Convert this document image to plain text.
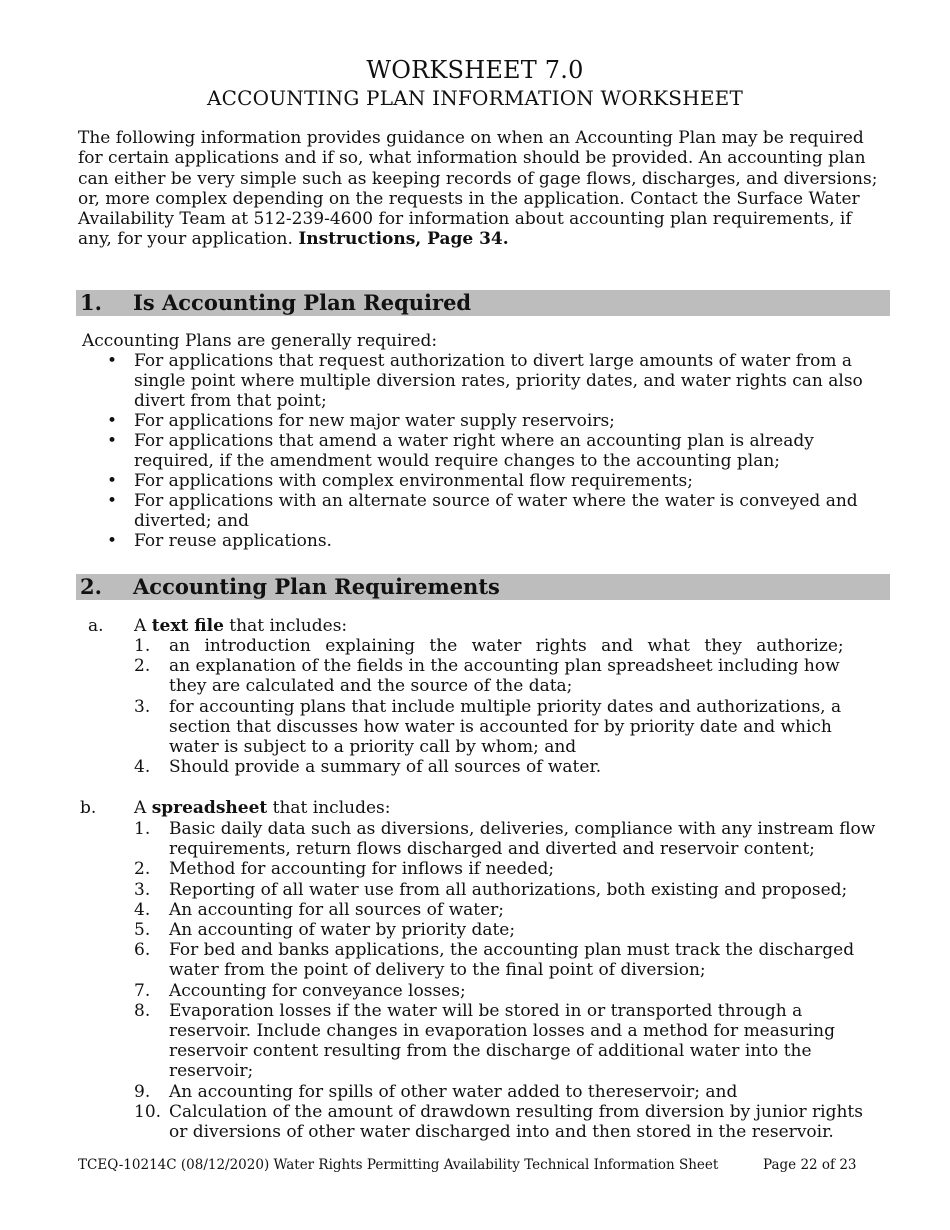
WORKSHEET 7.0
ACCOUNTING PLAN INFORMATION WORKSHEET

The following information provides guidance on when an Accounting Plan may be required for certain applications and if so, what information should be provided. An accounting plan can either be very simple such as keeping records of gage flows, discharges, and diversions; or, more complex depending on the requests in the application. Contact the Surface Water Availability Team at 512-239-4600 for information about accounting plan requirements, if any, for your application. Instructions, Page 34.

1. Is Accounting Plan Required

Accounting Plans are generally required:

• For applications that request authorization to divert large amounts of water from a single point where multiple diversion rates, priority dates, and water rights can also divert from that point;
• For applications for new major water supply reservoirs;
• For applications that amend a water right where an accounting plan is already required, if the amendment would require changes to the accounting plan;
• For applications with complex environmental flow requirements;
• For applications with an alternate source of water where the water is conveyed and diverted; and
• For reuse applications.
2. Accounting Plan Requirements
a. A text file that includes:

1. an introduction explaining the water rights and what they authorize;
2. an explanation of the fields in the accounting plan spreadsheet including how they are calculated and the source of the data;
3. for accounting plans that include multiple priority dates and authorizations, a section that discusses how water is accounted for by priority date and which water is subject to a priority call by whom; and
4. Should provide a summary of all sources of water.
b. A spreadsheet that includes:

1. Basic daily data such as diversions, deliveries, compliance with any instream flow requirements, return flows discharged and diverted and reservoir content;
2. Method for accounting for inflows if needed;
3. Reporting of all water use from all authorizations, both existing and proposed;
4. An accounting for all sources of water;
5. An accounting of water by priority date;
6. For bed and banks applications, the accounting plan must track the discharged water from the point of delivery to the final point of diversion;
7. Accounting for conveyance losses;
8. Evaporation losses if the water will be stored in or transported through a reservoir. Include changes in evaporation losses and a method for measuring reservoir content resulting from the discharge of additional water into the reservoir;
9. An accounting for spills of other water added to thereservoir; and
10. Calculation of the amount of drawdown resulting from diversion by junior rights or diversions of other water discharged into and then stored in the reservoir.
TCEQ-10214C (08/12/2020) Water Rights Permitting Availability Technical Information Sheet	Page 22 of 23
